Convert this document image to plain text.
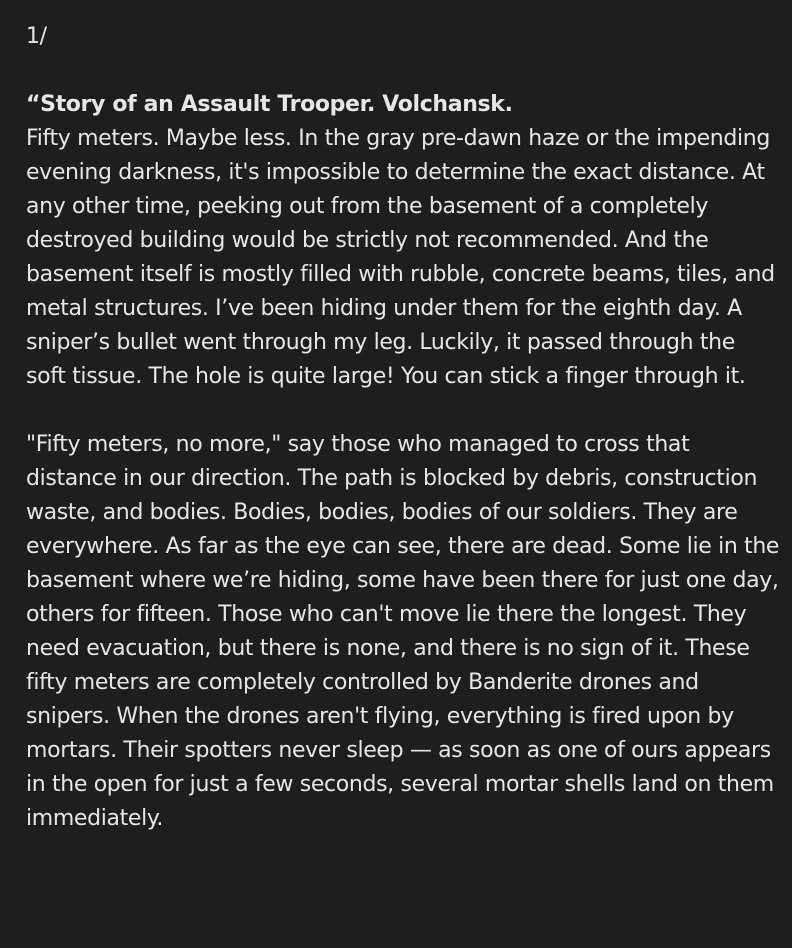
1/

“Story of an Assault Trooper. Volchansk.
Fifty meters. Maybe less. In the gray pre-dawn haze or the impending evening darkness, it's impossible to determine the exact distance. At any other time, peeking out from the basement of a completely destroyed building would be strictly not recommended. And the basement itself is mostly filled with rubble, concrete beams, tiles, and metal structures. I’ve been hiding under them for the eighth day. A sniper’s bullet went through my leg. Luckily, it passed through the soft tissue. The hole is quite large! You can stick a finger through it.

"Fifty meters, no more," say those who managed to cross that distance in our direction. The path is blocked by debris, construction waste, and bodies. Bodies, bodies, bodies of our soldiers. They are everywhere. As far as the eye can see, there are dead. Some lie in the basement where we’re hiding, some have been there for just one day, others for fifteen. Those who can't move lie there the longest. They need evacuation, but there is none, and there is no sign of it. These fifty meters are completely controlled by Banderite drones and snipers. When the drones aren't flying, everything is fired upon by mortars. Their spotters never sleep — as soon as one of ours appears in the open for just a few seconds, several mortar shells land on them immediately.
